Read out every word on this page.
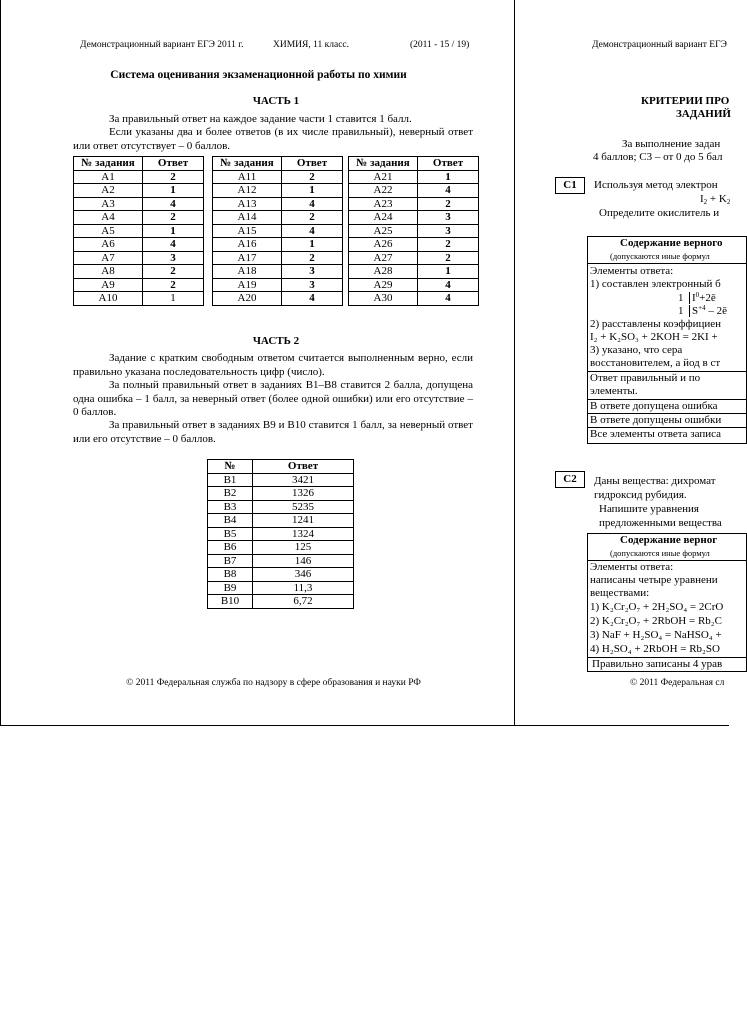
Демонстрационный вариант ЕГЭ 2011 г.	ХИМИЯ, 11 класс.	(2011 - 15 / 19)
Система оценивания экзаменационной работы по химии
ЧАСТЬ 1
За правильный ответ на каждое задание части 1 ставится 1 балл.
Если указаны два и более ответов (в их числе правильный), неверный ответ или ответ отсутствует – 0 баллов.
№ задания	Ответ
А1	2
А2	1
А3	4
А4	2
А5	1
А6	4
А7	3
А8	2
А9	2
А10	1
№ задания	Ответ
А11	2
А12	1
А13	4
А14	2
А15	4
А16	1
А17	2
А18	3
А19	3
А20	4
№ задания	Ответ
А21	1
А22	4
А23	2
А24	3
А25	3
А26	2
А27	2
А28	1
А29	4
А30	4
ЧАСТЬ 2
Задание с кратким свободным ответом считается выполненным верно, если правильно указана последовательность цифр (число).
За полный правильный ответ в заданиях В1–В8 ставится 2 балла, допущена одна ошибка – 1 балл, за неверный ответ (более одной ошибки) или его отсутствие – 0 баллов.
За правильный ответ в заданиях В9 и В10 ставится 1 балл, за неверный ответ или его отсутствие – 0 баллов.
№	Ответ
В1	3421
В2	1326
В3	5235
В4	1241
В5	1324
В6	125
В7	146
В8	346
В9	11,3
В10	6,72
© 2011 Федеральная служба по надзору в сфере образования и науки РФ
Демонстрационный вариант ЕГЭ
КРИТЕРИИ ПРО
ЗАДАНИЙ
За выполнение задан
4 баллов; С3 – от 0 до 5 бал
С1	Используя метод электрон
$I_2 + K_2$
Определите окислитель и
Содержание верного
(допускаются иные формул
Элементы ответа:
1) составлен электронный б
1 $I^0+2ē$
1 $S^{+4}$ – 2ē
2) расставлены коэффициен
I₂ + K₂SO₃ + 2KOH = 2KI +
3) указано, что сера
восстановителем, а йод в ст
Ответ правильный и по
элементы.
В ответе допущена ошибка
В ответе допущены ошибки
Все элементы ответа записа
С2	Даны вещества: дихромат
гидроксид рубидия.
Напишите уравнения
предложенными вещества
Содержание верног
(допускаются иные формул
Элементы ответа:
написаны четыре уравнени
веществами:
1) K₂Cr₂O₇ + 2H₂SO₄ = 2CrO
2) K₂Cr₂O₇ + 2RbOH = Rb₂C
3) NaF + H₂SO₄ = NaHSO₄ +
4) H₂SO₄ + 2RbOH = Rb₂SO
Правильно записаны 4 урав
© 2011 Федеральная сл
